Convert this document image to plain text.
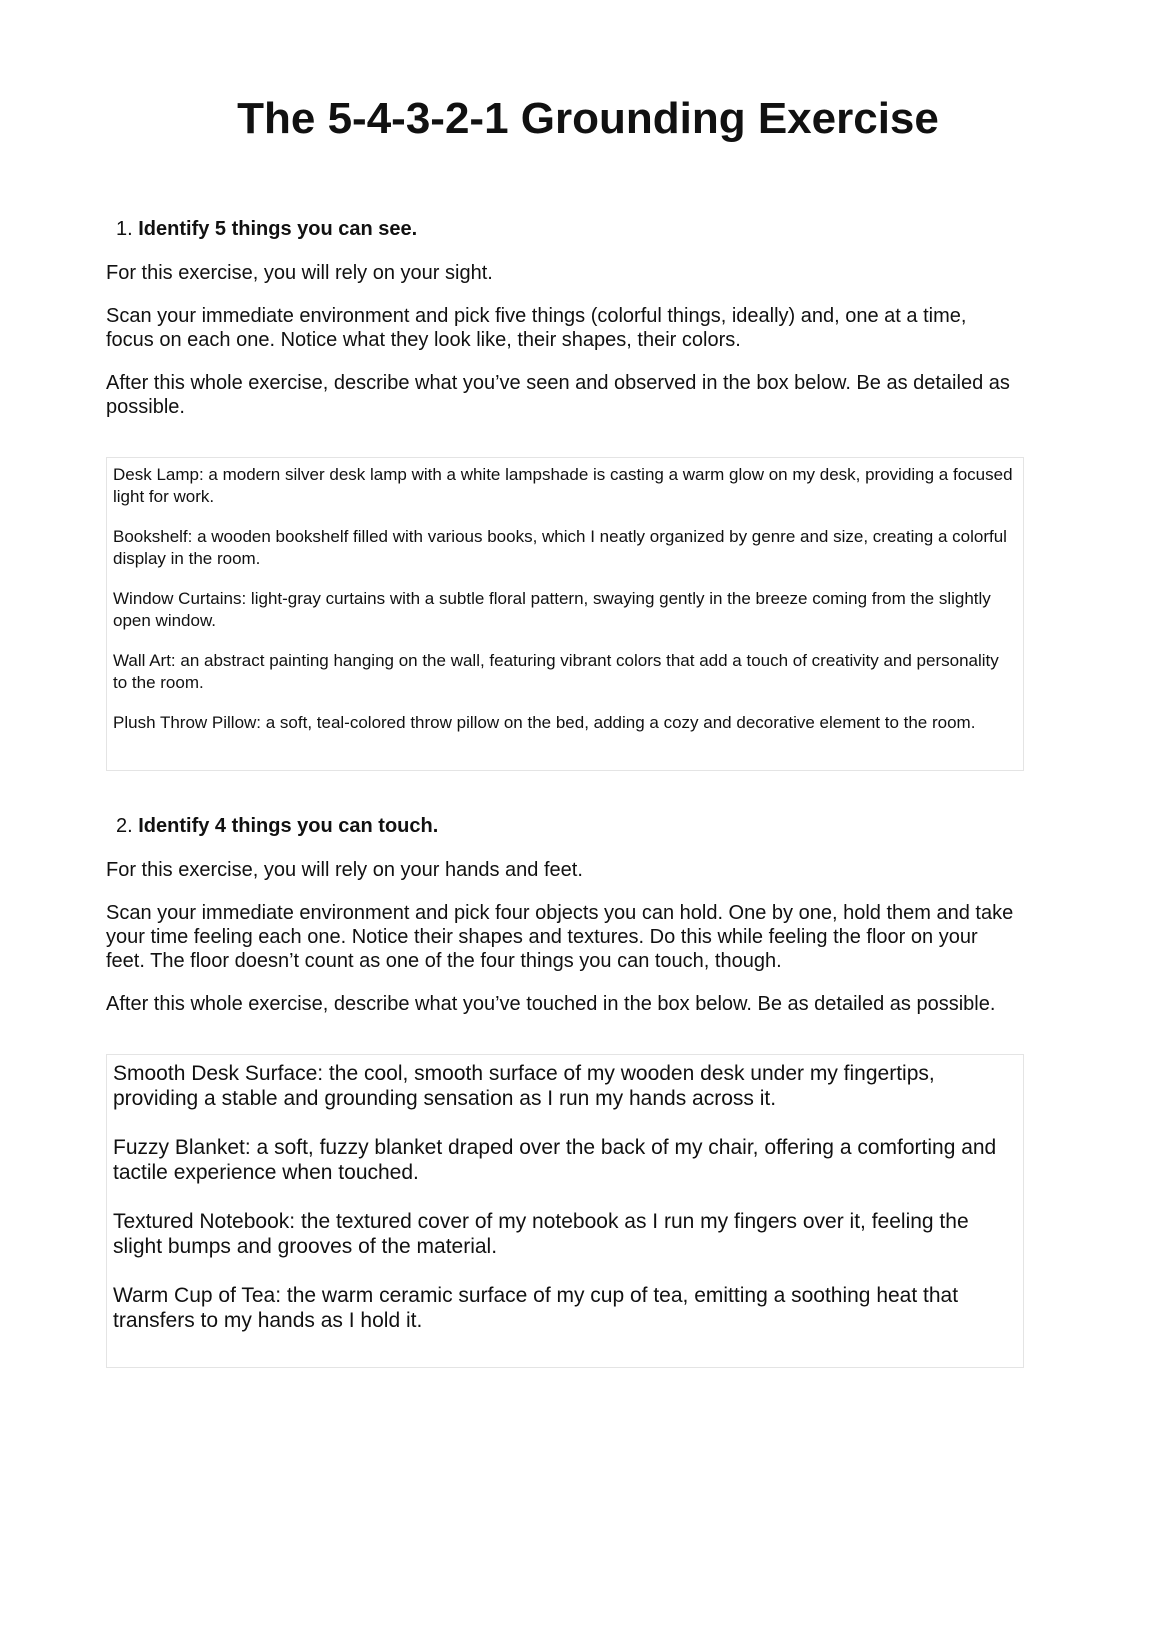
The 5-4-3-2-1 Grounding Exercise
1. Identify 5 things you can see.

For this exercise, you will rely on your sight.

Scan your immediate environment and pick five things (colorful things, ideally) and, one at a time, focus on each one. Notice what they look like, their shapes, their colors.

After this whole exercise, describe what you’ve seen and observed in the box below. Be as detailed as possible.

Desk Lamp: a modern silver desk lamp with a white lampshade is casting a warm glow on my desk, providing a focused light for work.

Bookshelf: a wooden bookshelf filled with various books, which I neatly organized by genre and size, creating a colorful display in the room.

Window Curtains: light-gray curtains with a subtle floral pattern, swaying gently in the breeze coming from the slightly open window.

Wall Art: an abstract painting hanging on the wall, featuring vibrant colors that add a touch of creativity and personality to the room.

Plush Throw Pillow: a soft, teal-colored throw pillow on the bed, adding a cozy and decorative element to the room.

2. Identify 4 things you can touch.

For this exercise, you will rely on your hands and feet.

Scan your immediate environment and pick four objects you can hold. One by one, hold them and take your time feeling each one. Notice their shapes and textures. Do this while feeling the floor on your feet. The floor doesn’t count as one of the four things you can touch, though.

After this whole exercise, describe what you’ve touched in the box below. Be as detailed as possible.

Smooth Desk Surface: the cool, smooth surface of my wooden desk under my fingertips, providing a stable and grounding sensation as I run my hands across it.

Fuzzy Blanket: a soft, fuzzy blanket draped over the back of my chair, offering a comforting and tactile experience when touched.

Textured Notebook: the textured cover of my notebook as I run my fingers over it, feeling the slight bumps and grooves of the material.

Warm Cup of Tea: the warm ceramic surface of my cup of tea, emitting a soothing heat that transfers to my hands as I hold it.
